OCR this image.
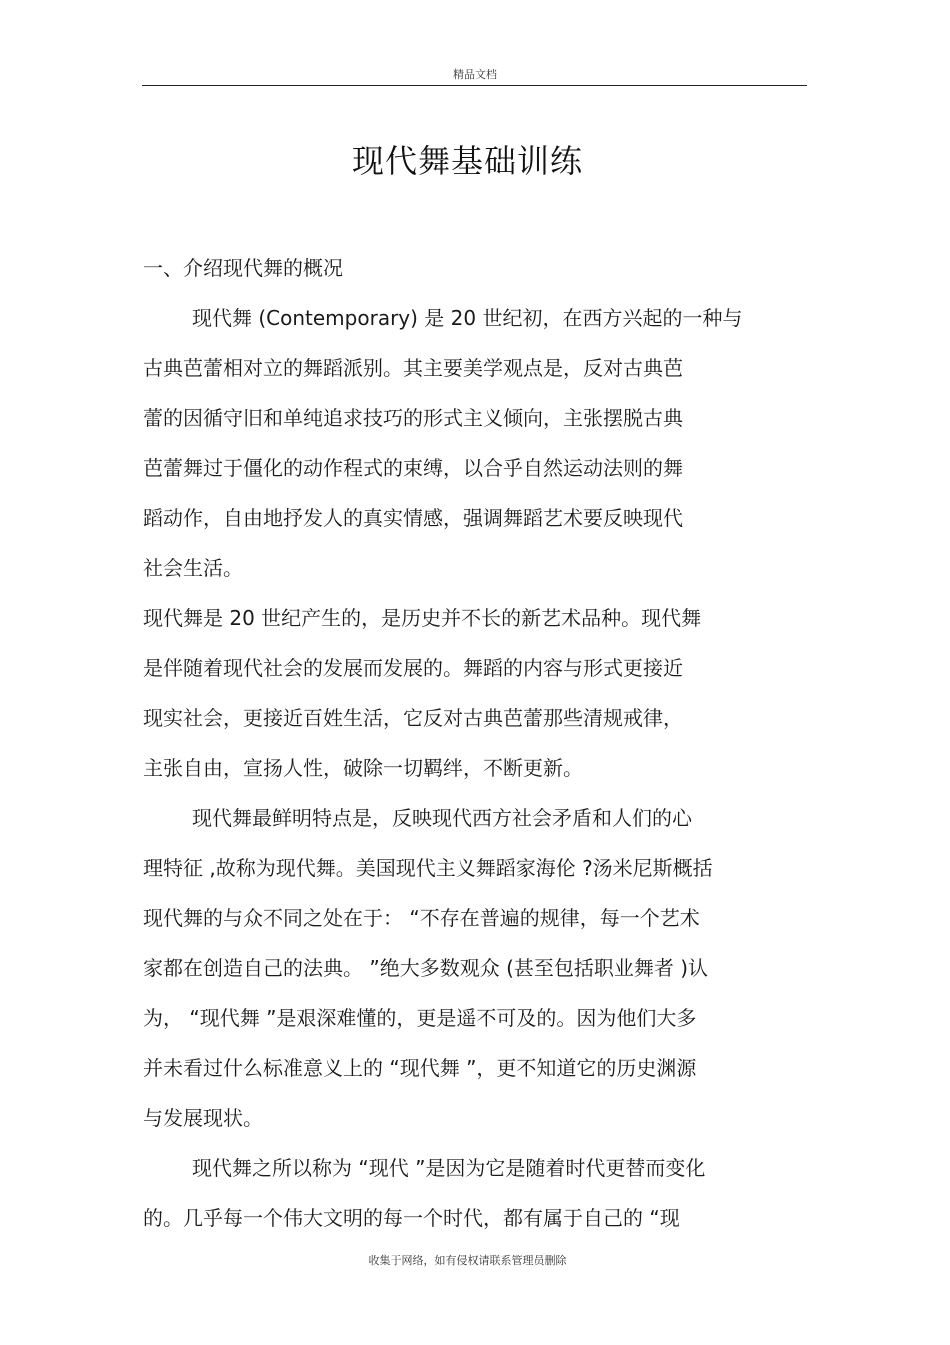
精品文档
现代舞基础训练
一、介绍现代舞的概况
现代舞 (Contemporary) 是 20 世纪初，在西方兴起的一种与
古典芭蕾相对立的舞蹈派别。其主要美学观点是，反对古典芭
蕾的因循守旧和单纯追求技巧的形式主义倾向，主张摆脱古典
芭蕾舞过于僵化的动作程式的束缚，以合乎自然运动法则的舞
蹈动作，自由地抒发人的真实情感，强调舞蹈艺术要反映现代
社会生活。
现代舞是 20 世纪产生的，是历史并不长的新艺术品种。现代舞
是伴随着现代社会的发展而发展的。舞蹈的内容与形式更接近
现实社会，更接近百姓生活，它反对古典芭蕾那些清规戒律，
主张自由，宣扬人性，破除一切羁绊，不断更新。
现代舞最鲜明特点是，反映现代西方社会矛盾和人们的心
理特征 ,故称为现代舞。美国现代主义舞蹈家海伦 ?汤米尼斯概括
现代舞的与众不同之处在于： “不存在普遍的规律，每一个艺术
家都在创造自己的法典。 ”绝大多数观众 (甚至包括职业舞者 )认
为， “现代舞 ”是艰深难懂的，更是遥不可及的。因为他们大多
并未看过什么标准意义上的 “现代舞 ”，更不知道它的历史渊源
与发展现状。
现代舞之所以称为 “现代 ”是因为它是随着时代更替而变化
的。几乎每一个伟大文明的每一个时代，都有属于自己的 “现
收集于网络，如有侵权请联系管理员删除
